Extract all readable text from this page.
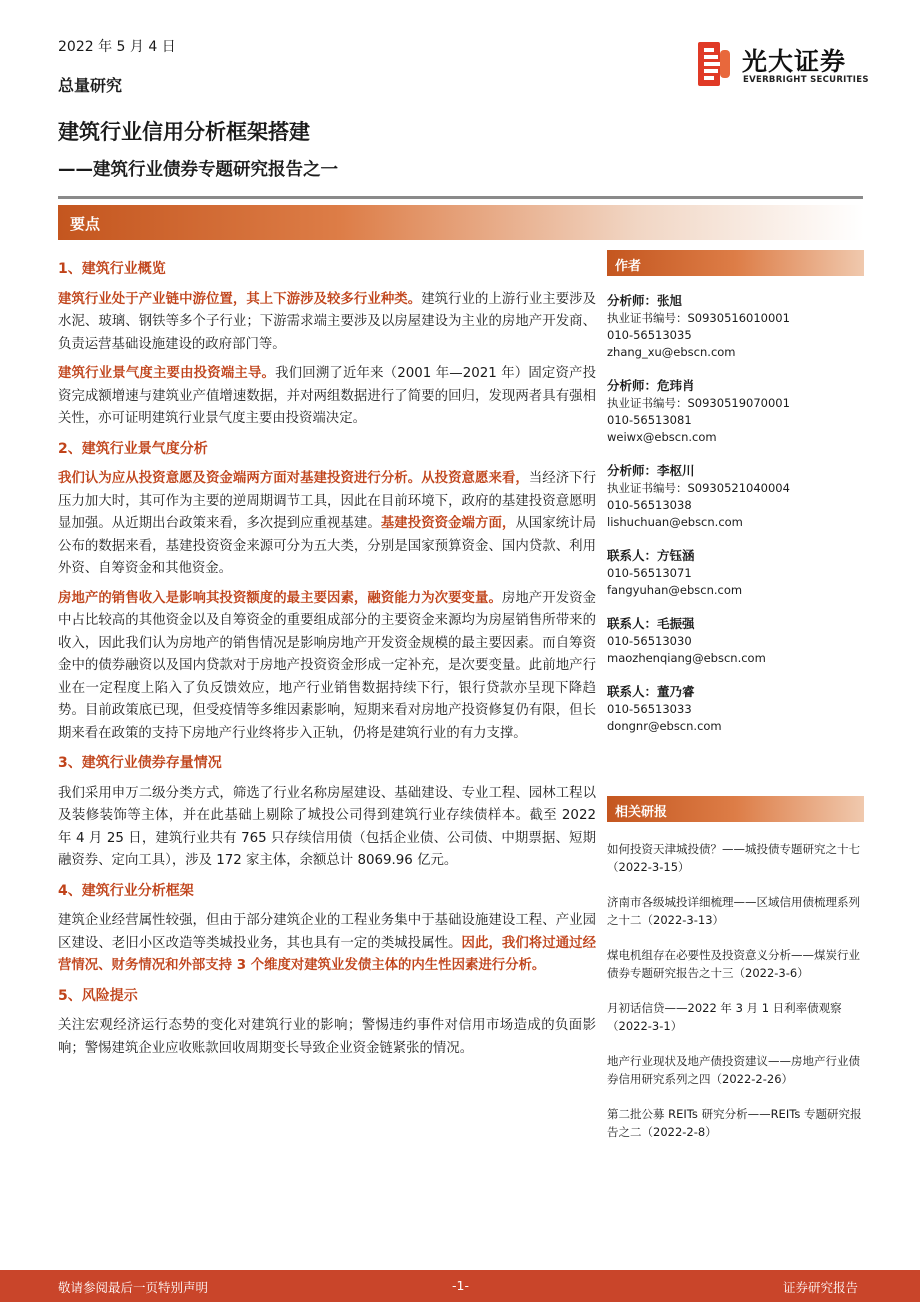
2022 年 5 月 4 日
总量研究
光大证券
EVERBRIGHT SECURITIES
建筑行业信用分析框架搭建
——建筑行业债券专题研究报告之一
要点
1、建筑行业概览

建筑行业处于产业链中游位置，其上下游涉及较多行业种类。建筑行业的上游行业主要涉及水泥、玻璃、钢铁等多个子行业；下游需求端主要涉及以房屋建设为主业的房地产开发商、负责运营基础设施建设的政府部门等。

建筑行业景气度主要由投资端主导。我们回溯了近年来（2001 年—2021 年）固定资产投资完成额增速与建筑业产值增速数据，并对两组数据进行了简要的回归，发现两者具有强相关性，亦可证明建筑行业景气度主要由投资端决定。

2、建筑行业景气度分析

我们认为应从投资意愿及资金端两方面对基建投资进行分析。从投资意愿来看，当经济下行压力加大时，其可作为主要的逆周期调节工具，因此在目前环境下，政府的基建投资意愿明显加强。从近期出台政策来看，多次提到应重视基建。基建投资资金端方面，从国家统计局公布的数据来看，基建投资资金来源可分为五大类，分别是国家预算资金、国内贷款、利用外资、自筹资金和其他资金。

房地产的销售收入是影响其投资额度的最主要因素，融资能力为次要变量。房地产开发资金中占比较高的其他资金以及自筹资金的重要组成部分的主要资金来源均为房屋销售所带来的收入，因此我们认为房地产的销售情况是影响房地产开发资金规模的最主要因素。而自筹资金中的债券融资以及国内贷款对于房地产投资资金形成一定补充，是次要变量。此前地产行业在一定程度上陷入了负反馈效应，地产行业销售数据持续下行，银行贷款亦呈现下降趋势。目前政策底已现，但受疫情等多维因素影响，短期来看对房地产投资修复仍有限，但长期来看在政策的支持下房地产行业终将步入正轨，仍将是建筑行业的有力支撑。

3、建筑行业债券存量情况

我们采用申万二级分类方式，筛选了行业名称房屋建设、基础建设、专业工程、园林工程以及装修装饰等主体，并在此基础上剔除了城投公司得到建筑行业存续债样本。截至 2022 年 4 月 25 日，建筑行业共有 765 只存续信用债（包括企业债、公司债、中期票据、短期融资券、定向工具），涉及 172 家主体，余额总计 8069.96 亿元。

4、建筑行业分析框架

建筑企业经营属性较强，但由于部分建筑企业的工程业务集中于基础设施建设工程、产业园区建设、老旧小区改造等类城投业务，其也具有一定的类城投属性。因此，我们将过通过经营情况、财务情况和外部支持 3 个维度对建筑业发债主体的内生性因素进行分析。

5、风险提示

关注宏观经济运行态势的变化对建筑行业的影响；警惕违约事件对信用市场造成的负面影响；警惕建筑企业应收账款回收周期变长导致企业资金链紧张的情况。

作者
分析师：张旭
执业证书编号：S0930516010001
010-56513035
zhang_xu@ebscn.com
分析师：危玮肖
执业证书编号：S0930519070001
010-56513081
weiwx@ebscn.com
分析师：李枢川
执业证书编号：S0930521040004
010-56513038
lishuchuan@ebscn.com
联系人：方钰涵
010-56513071
fangyuhan@ebscn.com
联系人：毛振强
010-56513030
maozhenqiang@ebscn.com
联系人：董乃睿
010-56513033
dongnr@ebscn.com
相关研报
如何投资天津城投债？——城投债专题研究之十七（2022-3-15）
济南市各级城投详细梳理——区域信用债梳理系列之十二（2022-3-13）
煤电机组存在必要性及投资意义分析——煤炭行业债券专题研究报告之十三（2022-3-6）
月初话信贷——2022 年 3 月 1 日利率债观察（2022-3-1）
地产行业现状及地产债投资建议——房地产行业债券信用研究系列之四（2022-2-26）
第二批公募 REITs 研究分析——REITs 专题研究报告之二（2022-2-8）
敬请参阅最后一页特别声明	-1-	证券研究报告
